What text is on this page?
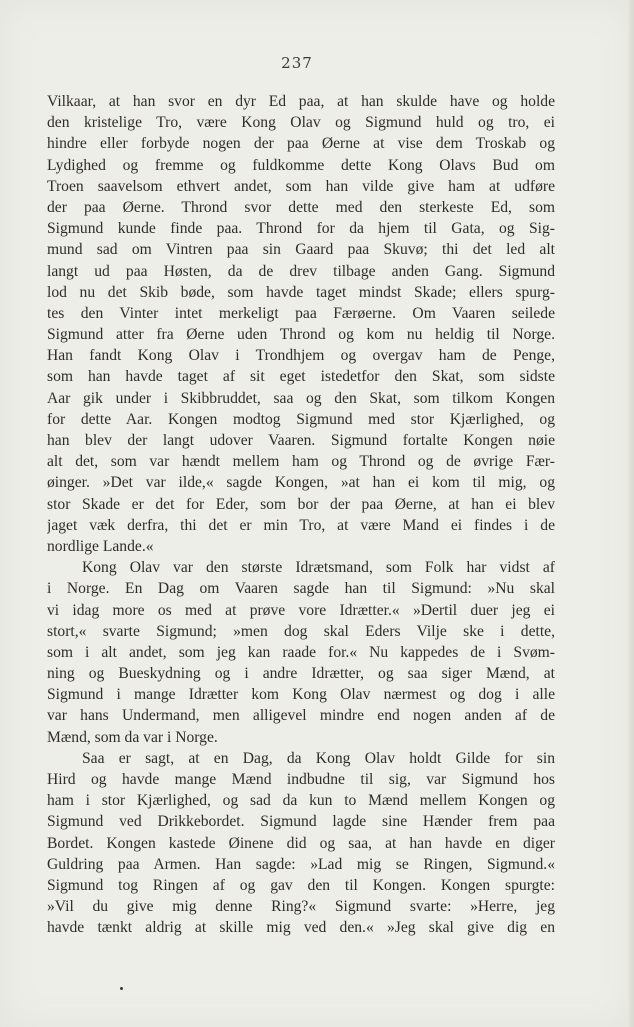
237
Vilkaar, at han svor en dyr Ed paa, at han skulde have og holde
den kristelige Tro, være Kong Olav og Sigmund huld og tro, ei
hindre eller forbyde nogen der paa Øerne at vise dem Troskab og
Lydighed og fremme og fuldkomme dette Kong Olavs Bud om
Troen saavelsom ethvert andet, som han vilde give ham at udføre
der paa Øerne. Thrond svor dette med den sterkeste Ed, som
Sigmund kunde finde paa. Thrond for da hjem til Gata, og Sig-
mund sad om Vintren paa sin Gaard paa Skuvø; thi det led alt
langt ud paa Høsten, da de drev tilbage anden Gang. Sigmund
lod nu det Skib bøde, som havde taget mindst Skade; ellers spurg-
tes den Vinter intet merkeligt paa Færøerne. Om Vaaren seilede
Sigmund atter fra Øerne uden Thrond og kom nu heldig til Norge.
Han fandt Kong Olav i Trondhjem og overgav ham de Penge,
som han havde taget af sit eget istedetfor den Skat, som sidste
Aar gik under i Skibbruddet, saa og den Skat, som tilkom Kongen
for dette Aar. Kongen modtog Sigmund med stor Kjærlighed, og
han blev der langt udover Vaaren. Sigmund fortalte Kongen nøie
alt det, som var hændt mellem ham og Thrond og de øvrige Fær-
øinger. »Det var ilde,« sagde Kongen, »at han ei kom til mig, og
stor Skade er det for Eder, som bor der paa Øerne, at han ei blev
jaget væk derfra, thi det er min Tro, at være Mand ei findes i de
nordlige Lande.«
Kong Olav var den største Idrætsmand, som Folk har vidst af
i Norge. En Dag om Vaaren sagde han til Sigmund: »Nu skal
vi idag more os med at prøve vore Idrætter.« »Dertil duer jeg ei
stort,« svarte Sigmund; »men dog skal Eders Vilje ske i dette,
som i alt andet, som jeg kan raade for.« Nu kappedes de i Svøm-
ning og Bueskydning og i andre Idrætter, og saa siger Mænd, at
Sigmund i mange Idrætter kom Kong Olav nærmest og dog i alle
var hans Undermand, men alligevel mindre end nogen anden af de
Mænd, som da var i Norge.
Saa er sagt, at en Dag, da Kong Olav holdt Gilde for sin
Hird og havde mange Mænd indbudne til sig, var Sigmund hos
ham i stor Kjærlighed, og sad da kun to Mænd mellem Kongen og
Sigmund ved Drikkebordet. Sigmund lagde sine Hænder frem paa
Bordet. Kongen kastede Øinene did og saa, at han havde en diger
Guldring paa Armen. Han sagde: »Lad mig se Ringen, Sigmund.«
Sigmund tog Ringen af og gav den til Kongen. Kongen spurgte:
»Vil du give mig denne Ring?« Sigmund svarte: »Herre, jeg
havde tænkt aldrig at skille mig ved den.« »Jeg skal give dig en
